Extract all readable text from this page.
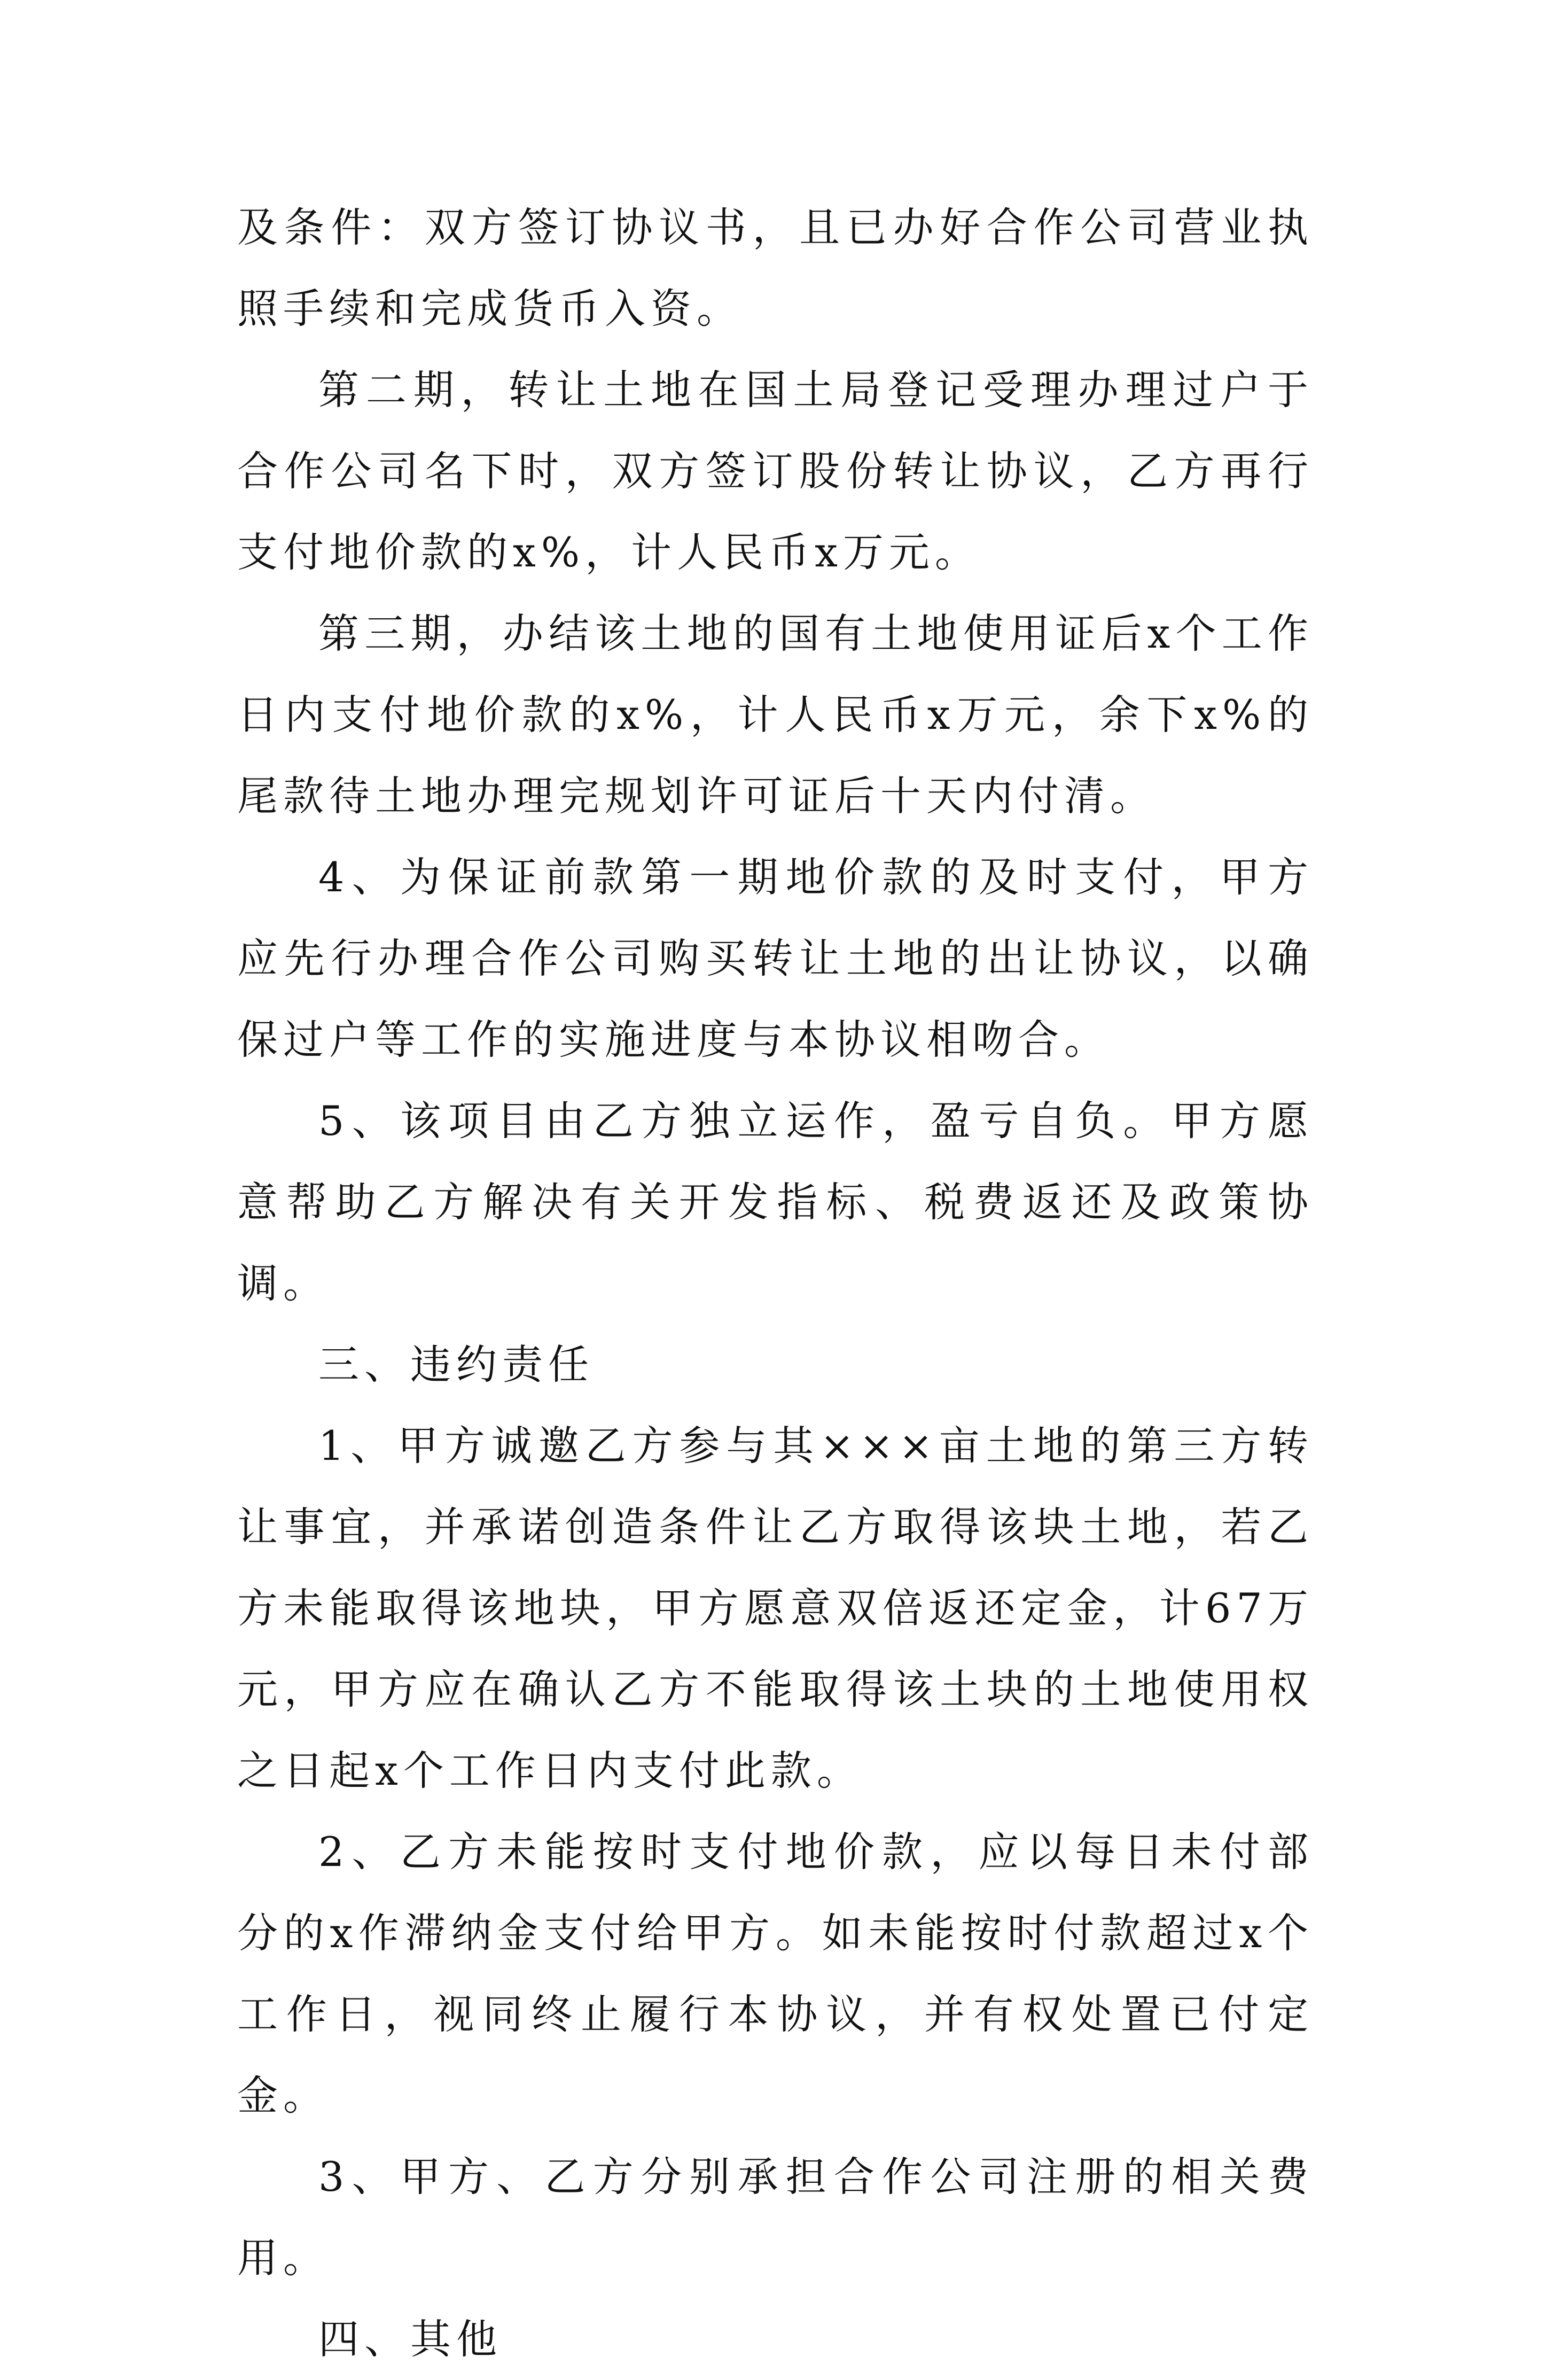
及条件：双方签订协议书，且已办好合作公司营业执照手续和完成货币入资。

第二期，转让土地在国土局登记受理办理过户于合作公司名下时，双方签订股份转让协议，乙方再行支付地价款的x%，计人民币x万元。

第三期，办结该土地的国有土地使用证后x个工作日内支付地价款的x%，计人民币x万元，余下x%的尾款待土地办理完规划许可证后十天内付清。

4、为保证前款第一期地价款的及时支付，甲方应先行办理合作公司购买转让土地的出让协议，以确保过户等工作的实施进度与本协议相吻合。

5、该项目由乙方独立运作，盈亏自负。甲方愿意帮助乙方解决有关开发指标、税费返还及政策协调。

三、违约责任

1、甲方诚邀乙方参与其×××亩土地的第三方转让事宜，并承诺创造条件让乙方取得该块土地，若乙方未能取得该地块，甲方愿意双倍返还定金，计67万元，甲方应在确认乙方不能取得该土块的土地使用权之日起x个工作日内支付此款。

2、乙方未能按时支付地价款，应以每日未付部分的x作滞纳金支付给甲方。如未能按时付款超过x个工作日，视同终止履行本协议，并有权处置已付定金。

3、甲方、乙方分别承担合作公司注册的相关费用。

四、其他
